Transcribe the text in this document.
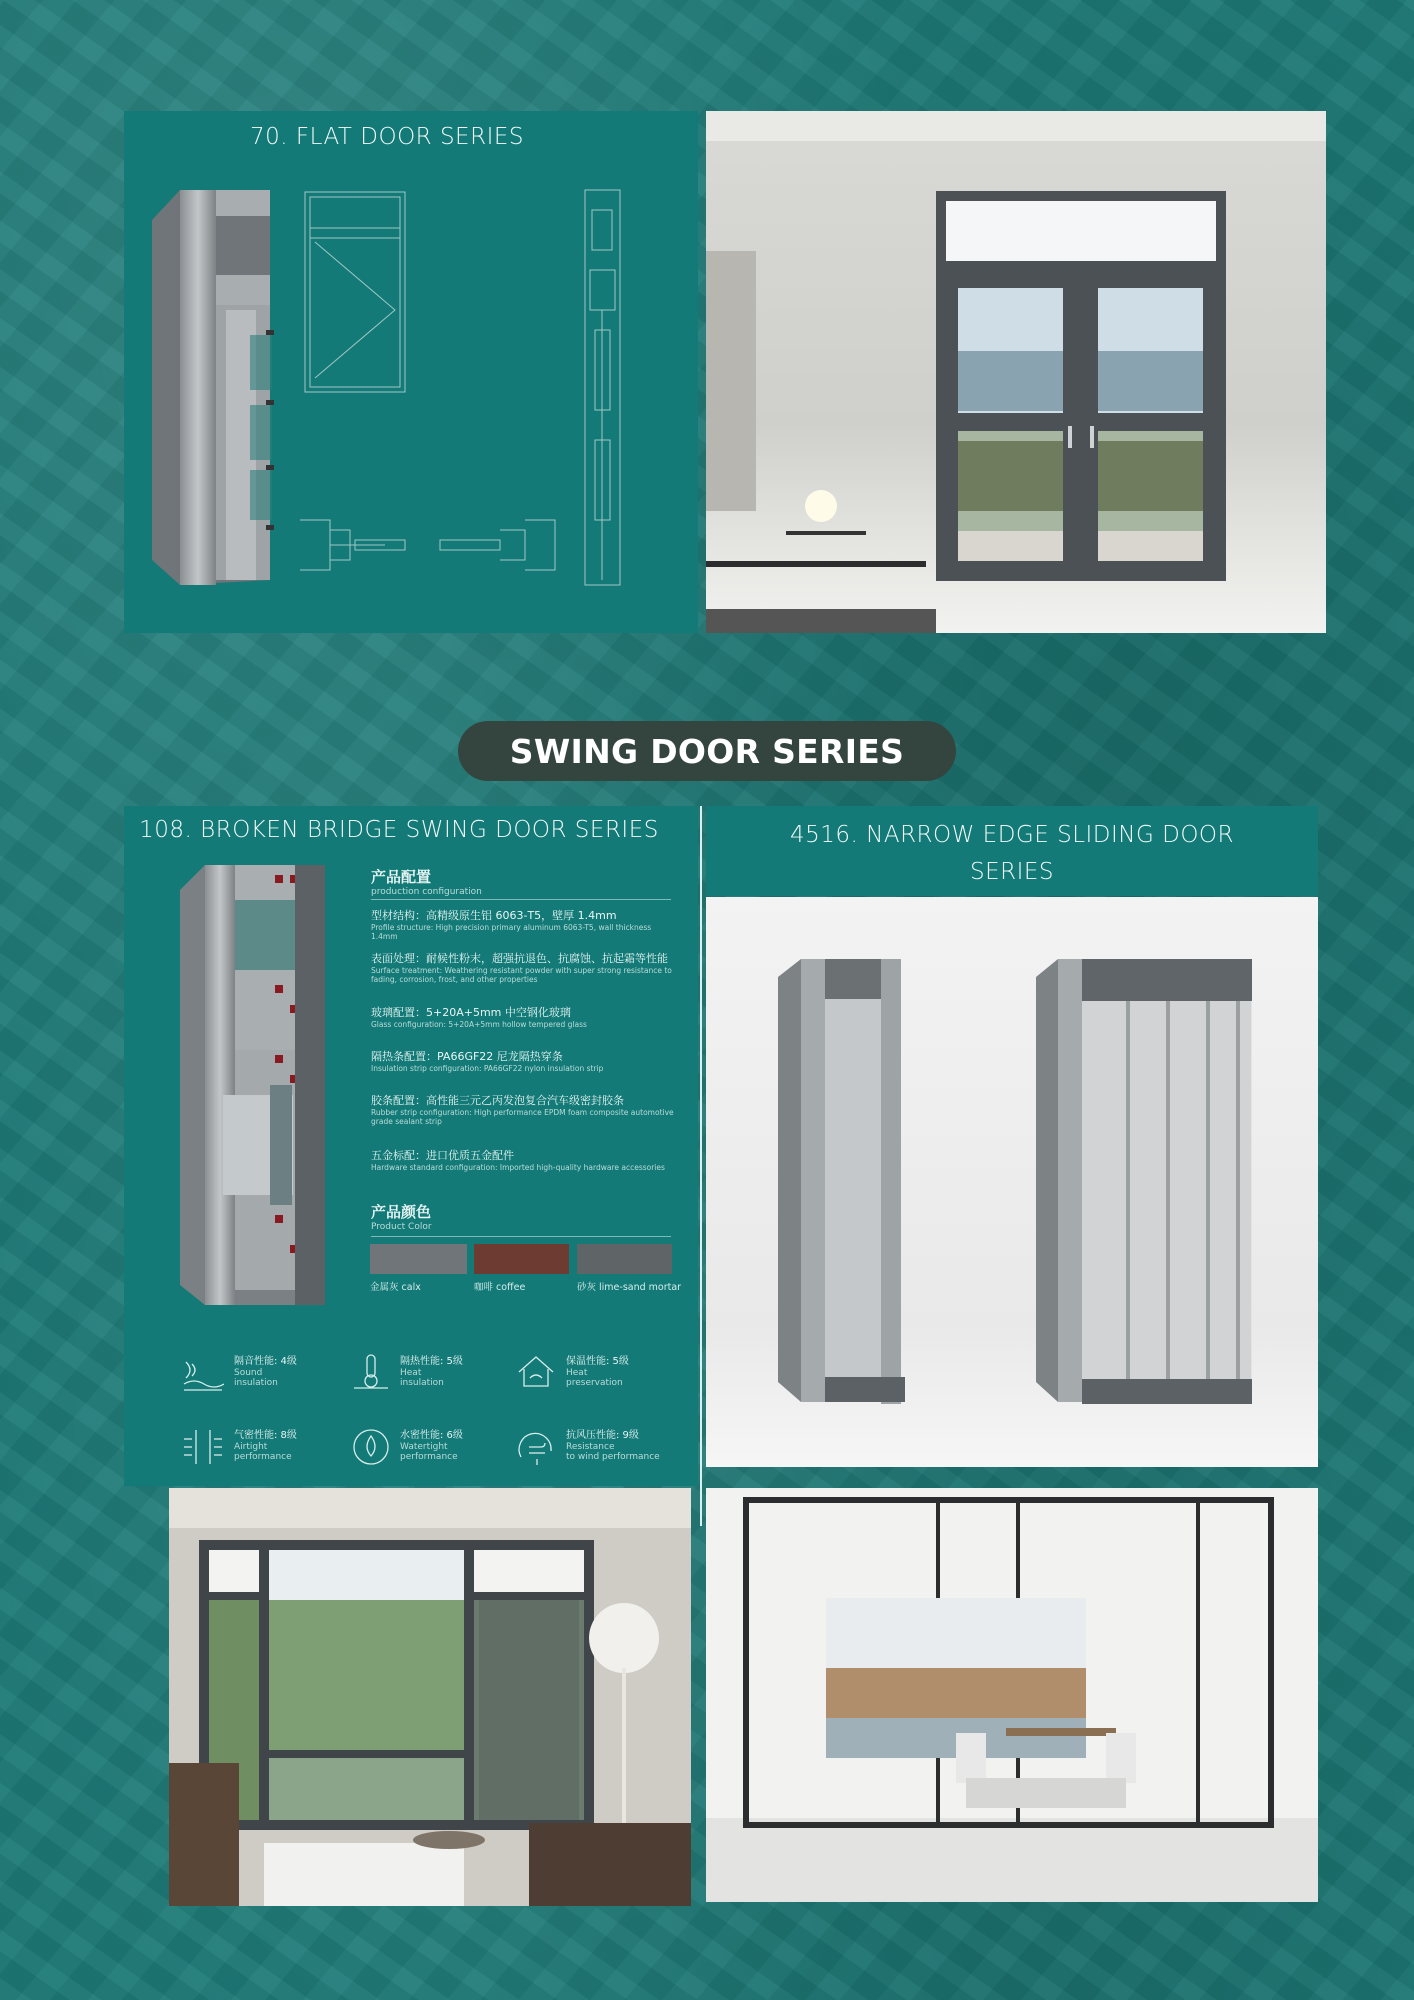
70. FLAT DOOR SERIES
SWING DOOR SERIES
108. BROKEN BRIDGE SWING DOOR SERIES
产品配置
production configuration
型材结构：高精级原生铝 6063-T5，壁厚 1.4mm
Profile structure: High precision primary aluminum 6063-T5, wall thickness 1.4mm
表面处理：耐候性粉末，超强抗退色、抗腐蚀、抗起霜等性能
Surface treatment: Weathering resistant powder with super strong resistance to fading, corrosion, frost, and other properties
玻璃配置：5+20A+5mm 中空钢化玻璃
Glass configuration: 5+20A+5mm hollow tempered glass
隔热条配置：PA66GF22 尼龙隔热穿条
Insulation strip configuration: PA66GF22 nylon insulation strip
胶条配置：高性能三元乙丙发泡复合汽车级密封胶条
Rubber strip configuration: High performance EPDM foam composite automotive grade sealant strip
五金标配：进口优质五金配件
Hardware standard configuration: Imported high-quality hardware accessories
产品颜色
Product Color
金属灰 calx	咖啡 coffee	砂灰 lime-sand mortar
隔音性能: 4级
Sound
insulation
隔热性能: 5级
Heat
insulation
保温性能: 5级
Heat
preservation
气密性能: 8级
Airtight
performance
水密性能: 6级
Watertight
performance
抗风压性能: 9级
Resistance
to wind performance
4516. NARROW EDGE SLIDING DOOR
SERIES
